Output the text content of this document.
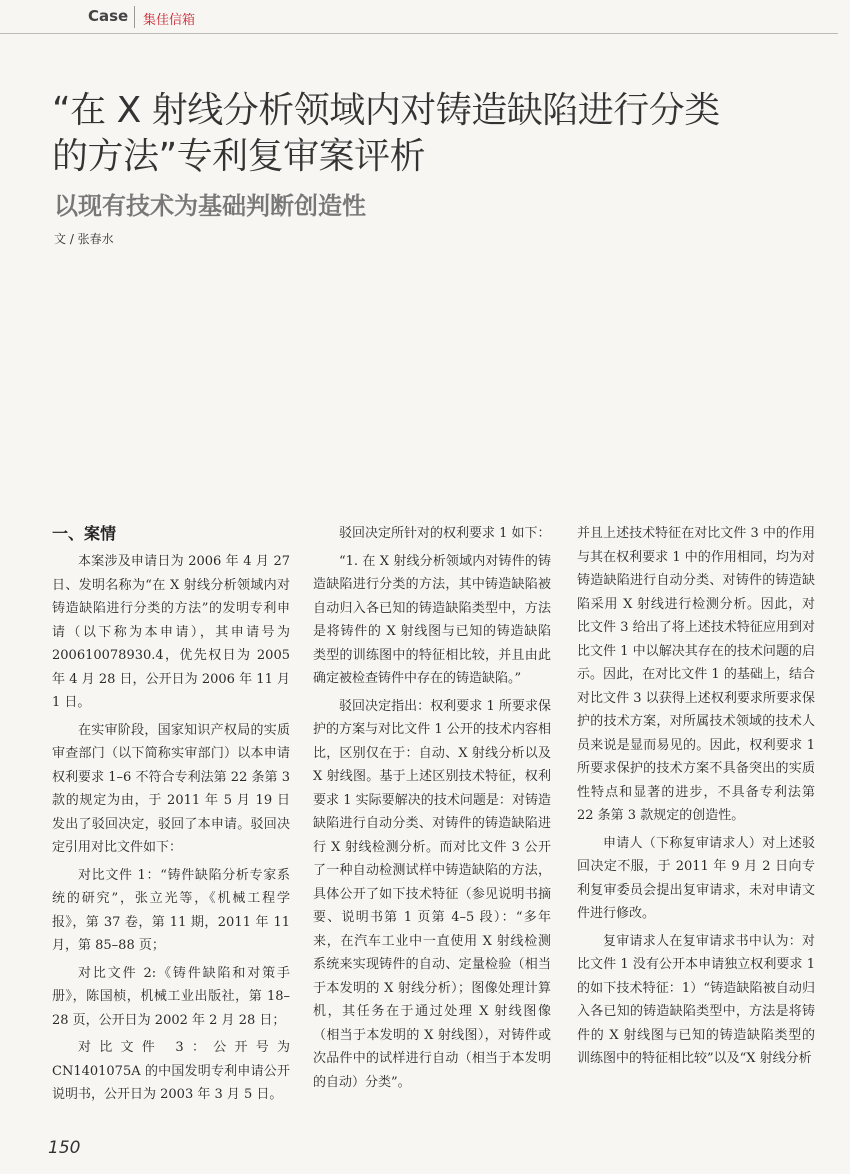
Case 集佳信箱
“在 X 射线分析领域内对铸造缺陷进行分类
的方法”专利复审案评析
以现有技术为基础判断创造性
文 / 张春水
一、案情

本案涉及申请日为 2006 年 4 月 27 日、发明名称为“在 X 射线分析领域内对铸造缺陷进行分类的方法”的发明专利申请（以下称为本申请），其申请号为 200610078930.4，优先权日为 2005 年 4 月 28 日，公开日为 2006 年 11 月 1 日。

在实审阶段，国家知识产权局的实质审查部门（以下简称实审部门）以本申请权利要求 1–6 不符合专利法第 22 条第 3 款的规定为由，于 2011 年 5 月 19 日发出了驳回决定，驳回了本申请。驳回决定引用对比文件如下：

对比文件 1：“铸件缺陷分析专家系统的研究”，张立光等，《机械工程学报》，第 37 卷，第 11 期，2011 年 11 月，第 85–88 页；

对比文件 2:《铸件缺陷和对策手册》，陈国桢，机械工业出版社，第 18–28 页，公开日为 2002 年 2 月 28 日；

对比文件 3：公开号为 CN1401075A 的中国发明专利申请公开说明书，公开日为 2003 年 3 月 5 日。

驳回决定所针对的权利要求 1 如下：

“1. 在 X 射线分析领域内对铸件的铸造缺陷进行分类的方法，其中铸造缺陷被自动归入各已知的铸造缺陷类型中，方法是将铸件的 X 射线图与已知的铸造缺陷类型的训练图中的特征相比较，并且由此确定被检查铸件中存在的铸造缺陷。”

驳回决定指出：权利要求 1 所要求保护的方案与对比文件 1 公开的技术内容相比，区别仅在于：自动、X 射线分析以及 X 射线图。基于上述区别技术特征，权利要求 1 实际要解决的技术问题是：对铸造缺陷进行自动分类、对铸件的铸造缺陷进行 X 射线检测分析。而对比文件 3 公开了一种自动检测试样中铸造缺陷的方法，具体公开了如下技术特征（参见说明书摘要、说明书第 1 页第 4–5 段）：“多年来，在汽车工业中一直使用 X 射线检测系统来实现铸件的自动、定量检验（相当于本发明的 X 射线分析）；图像处理计算机，其任务在于通过处理 X 射线图像（相当于本发明的 X 射线图），对铸件或次品件中的试样进行自动（相当于本发明的自动）分类”。

并且上述技术特征在对比文件 3 中的作用与其在权利要求 1 中的作用相同，均为对铸造缺陷进行自动分类、对铸件的铸造缺陷采用 X 射线进行检测分析。因此，对比文件 3 给出了将上述技术特征应用到对比文件 1 中以解决其存在的技术问题的启示。因此，在对比文件 1 的基础上，结合对比文件 3 以获得上述权利要求所要求保护的技术方案，对所属技术领域的技术人员来说是显而易见的。因此，权利要求 1 所要求保护的技术方案不具备突出的实质性特点和显著的进步，不具备专利法第 22 条第 3 款规定的创造性。

申请人（下称复审请求人）对上述驳回决定不服，于 2011 年 9 月 2 日向专利复审委员会提出复审请求，未对申请文件进行修改。

复审请求人在复审请求书中认为：对比文件 1 没有公开本申请独立权利要求 1 的如下技术特征：1）“铸造缺陷被自动归入各已知的铸造缺陷类型中，方法是将铸件的 X 射线图与已知的铸造缺陷类型的训练图中的特征相比较”以及“X 射线分析

150
